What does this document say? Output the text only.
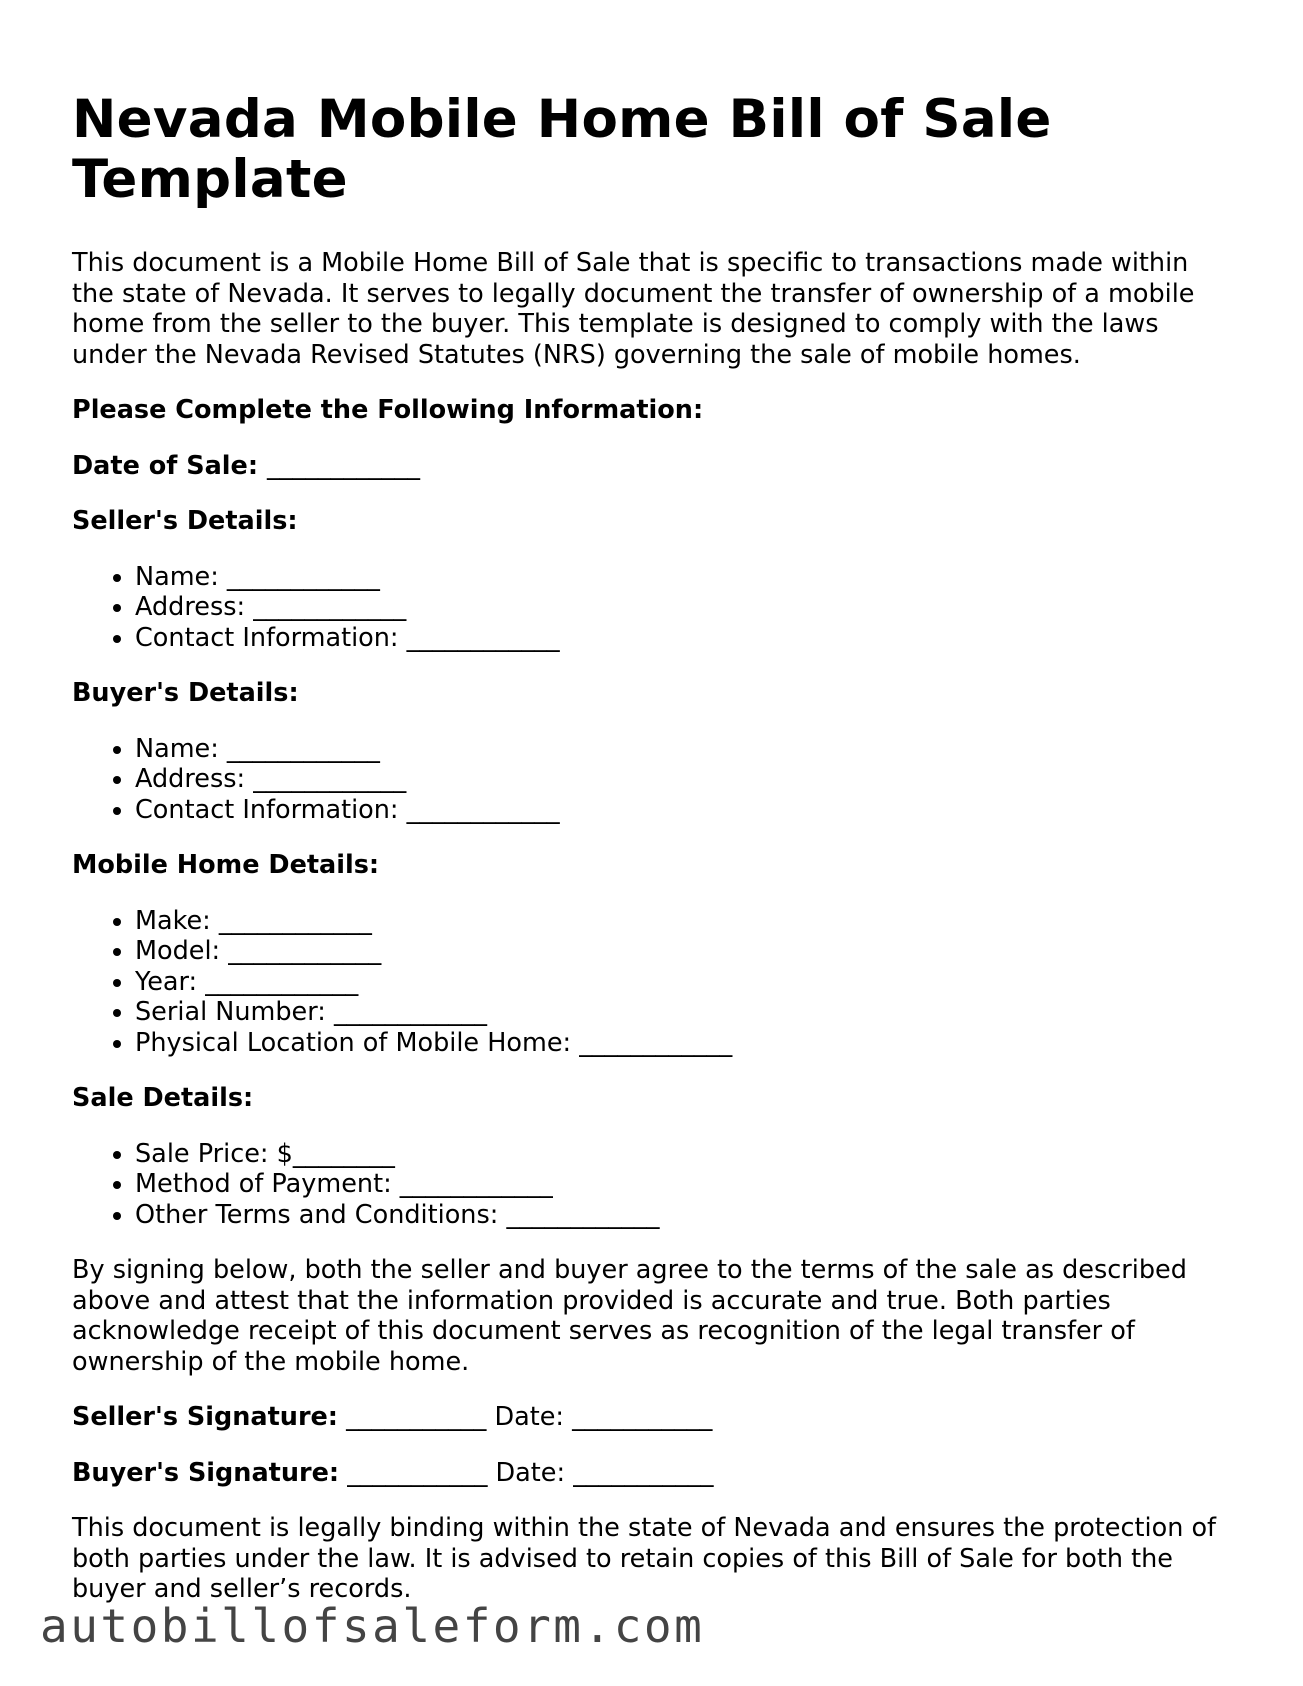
Nevada Mobile Home Bill of Sale Template

This document is a Mobile Home Bill of Sale that is specific to transactions made within the state of Nevada. It serves to legally document the transfer of ownership of a mobile home from the seller to the buyer. This template is designed to comply with the laws under the Nevada Revised Statutes (NRS) governing the sale of mobile homes.

Please Complete the Following Information:

Date of Sale: ____________

Seller's Details:

• Name: ____________
• Address: ____________
• Contact Information: ____________

Buyer's Details:

• Name: ____________
• Address: ____________
• Contact Information: ____________

Mobile Home Details:

• Make: ____________
• Model: ____________
• Year: ____________
• Serial Number: ____________
• Physical Location of Mobile Home: ____________

Sale Details:

• Sale Price: $________
• Method of Payment: ____________
• Other Terms and Conditions: ____________

By signing below, both the seller and buyer agree to the terms of the sale as described above and attest that the information provided is accurate and true. Both parties acknowledge receipt of this document serves as recognition of the legal transfer of ownership of the mobile home.

Seller's Signature: ___________ Date: ___________

Buyer's Signature: ___________ Date: ___________

This document is legally binding within the state of Nevada and ensures the protection of both parties under the law. It is advised to retain copies of this Bill of Sale for both the buyer and seller’s records.

autobillofsaleform.com
